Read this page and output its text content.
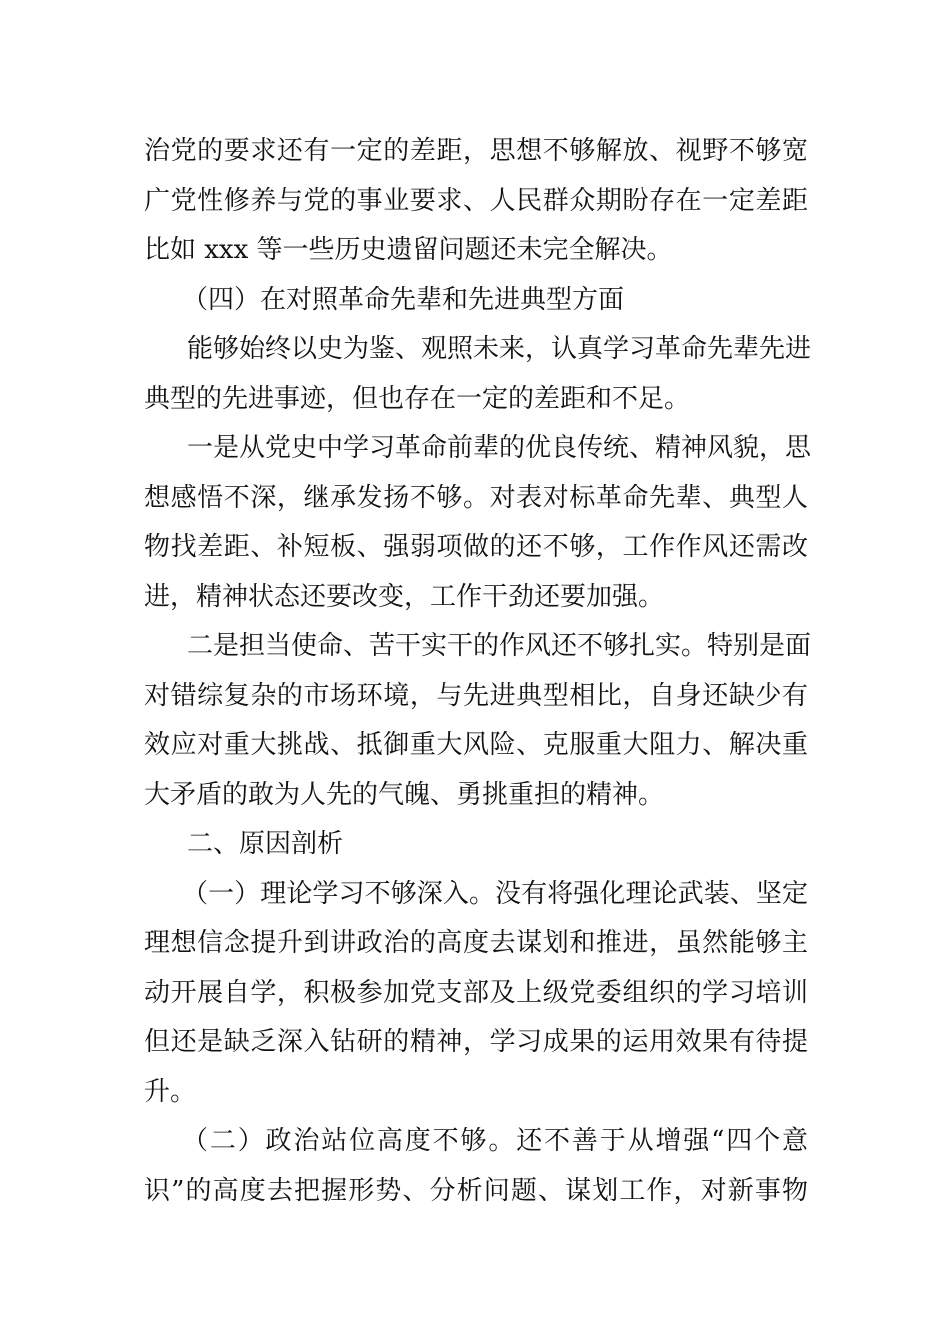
治党的要求还有一定的差距，思想不够解放、视野不够宽
广党性修养与党的事业要求、人民群众期盼存在一定差距
比如 xxx 等一些历史遗留问题还未完全解决。
（四）在对照革命先辈和先进典型方面
能够始终以史为鉴、观照未来，认真学习革命先辈先进
典型的先进事迹，但也存在一定的差距和不足。
一是从党史中学习革命前辈的优良传统、精神风貌，思
想感悟不深，继承发扬不够。对表对标革命先辈、典型人
物找差距、补短板、强弱项做的还不够，工作作风还需改
进，精神状态还要改变，工作干劲还要加强。
二是担当使命、苦干实干的作风还不够扎实。特别是面
对错综复杂的市场环境，与先进典型相比，自身还缺少有
效应对重大挑战、抵御重大风险、克服重大阻力、解决重
大矛盾的敢为人先的气魄、勇挑重担的精神。
二、原因剖析
（一）理论学习不够深入。没有将强化理论武装、坚定
理想信念提升到讲政治的高度去谋划和推进，虽然能够主
动开展自学，积极参加党支部及上级党委组织的学习培训
但还是缺乏深入钻研的精神，学习成果的运用效果有待提
升。
（二）政治站位高度不够。还不善于从增强“四个意
识”的高度去把握形势、分析问题、谋划工作，对新事物
